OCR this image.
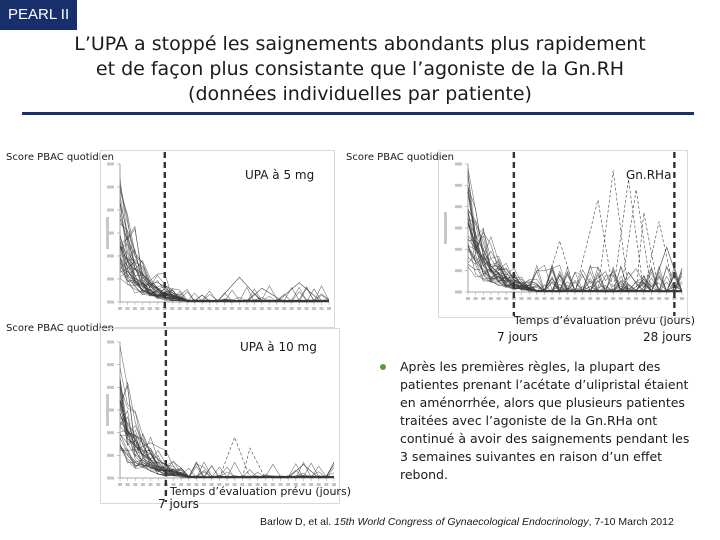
PEARL II
L’UPA a stoppé les saignements abondants plus rapidement
et de façon plus consistante que l’agoniste de la Gn.RH
(données individuelles par patiente)
Score PBAC quotidien
UPA à 5 mg
Score PBAC quotidien
Gn.RHa
Temps d’évaluation prévu (jours)
7 jours	28 jours
Score PBAC quotidien
UPA à 10 mg
Temps d’évaluation prévu (jours)
7 jours
Après les premières règles, la plupart des patientes prenant l’acétate d’ulipristal étaient en aménorrhée, alors que plusieurs patientes traitées avec l’agoniste de la Gn.RHa ont continué à avoir des saignements pendant les 3 semaines suivantes en raison d’un effet rebond.
Barlow D, et al. 15th World Congress of Gynaecological Endocrinology, 7-10 March 2012
